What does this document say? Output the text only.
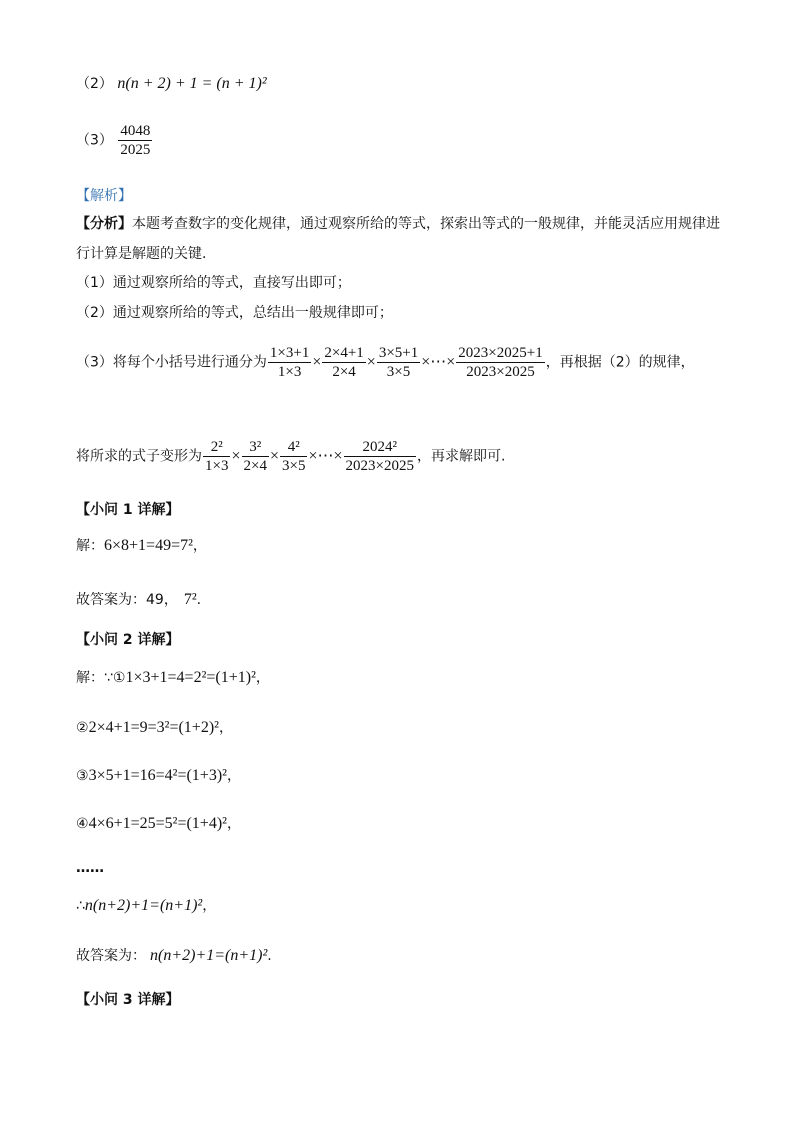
（2） n(n + 2) + 1 = (n + 1)²
$(3) \frac{4048}{2025}$
【解析】
【分析】本题考查数字的变化规律，通过观察所给的等式，探索出等式的一般规律，并能灵活应用规律进
行计算是解题的关键.
（1）通过观察所给的等式，直接写出即可；
（2）通过观察所给的等式，总结出一般规律即可；
（3）将每个小括号进行通分为 $\frac{1\times 3+1}{1\times 3} \times \frac{2\times 4+1}{2\times 4} \times \frac{3\times 5+1}{3\times 5}$ ×⋯× $\frac{2023\times 2025+1}{2023\times 2025}$ ，再根据（2）的规律，
将所求的式子变形为 $\frac{\text{2²}}{1\times 3} \times \frac{\text{3²}}{2\times 4} \times \frac{\text{4²}}{3\times 5}$ ×⋯× $\frac{\text{2024²}}{2023\times 2025}$ ，再求解即可.
【小问 1 详解】
解：6×8+1=49=7²，
故答案为：49， 7².
【小问 2 详解】
解：∵①1×3+1=4=2²=(1+1)²，
②2×4+1=9=3²=(1+2)²，
③3×5+1=16=4²=(1+3)²，
④4×6+1=25=5²=(1+4)²，
……
∴n(n+2)+1=(n+1)²，
故答案为： n(n+2)+1=(n+1)².
【小问 3 详解】
